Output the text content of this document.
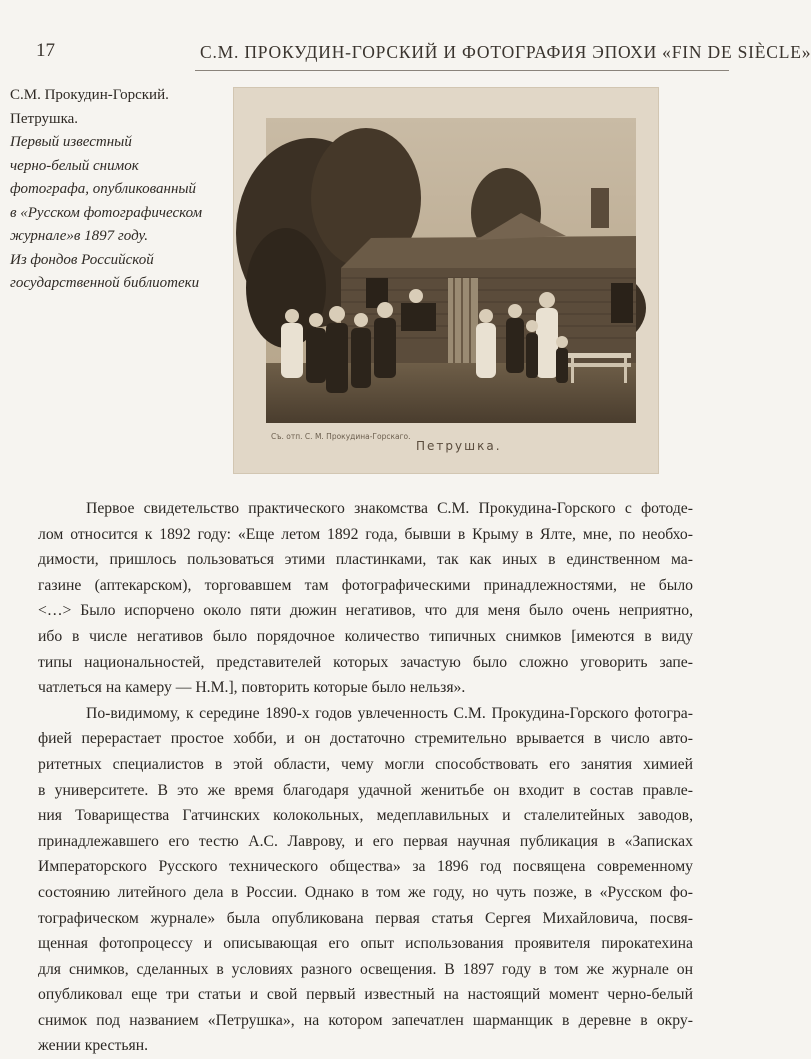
17	С.М. ПРОКУДИН-ГОРСКИЙ И ФОТОГРАФИЯ ЭПОХИ «FIN DE SIÈCLE»
С.М. Прокудин-Горский.
Петрушка.
Первый известный
черно-белый снимок
фотографа, опубликованный
в «Русском фотографическом
журнале»в 1897 году.
Из фондов Российской
государственной библиотеки
Съ. отп. С. М. Прокудина-Горскаго.
Петрушка.
Первое свидетельство практического знакомства С.М. Прокудина-Горского с фотоде-
лом относится к 1892 году: «Еще летом 1892 года, бывши в Крыму в Ялте, мне, по необхо-
димости, пришлось пользоваться этими пластинками, так как иных в единственном ма-
газине (аптекарском), торговавшем там фотографическими принадлежностями, не было
<…> Было испорчено около пяти дюжин негативов, что для меня было очень неприятно,
ибо в числе негативов было порядочное количество типичных снимков [имеются в виду
типы национальностей, представителей которых зачастую было сложно уговорить запе-
чатлеться на камеру — Н.М.], повторить которые было нельзя».
По-видимому, к середине 1890-х годов увлеченность С.М. Прокудина-Горского фотогра-
фией перерастает простое хобби, и он достаточно стремительно врывается в число авто-
ритетных специалистов в этой области, чему могли способствовать его занятия химией
в университете. В это же время благодаря удачной женитьбе он входит в состав правле-
ния Товарищества Гатчинских колокольных, медеплавильных и сталелитейных заводов,
принадлежавшего его тестю А.С. Лаврову, и его первая научная публикация в «Записках
Императорского Русского технического общества» за 1896 год посвящена современному
состоянию литейного дела в России. Однако в том же году, но чуть позже, в «Русском фо-
тографическом журнале» была опубликована первая статья Сергея Михайловича, посвя-
щенная фотопроцессу и описывающая его опыт использования проявителя пирокатехина
для снимков, сделанных в условиях разного освещения. В 1897 году в том же журнале он
опубликовал еще три статьи и свой первый известный на настоящий момент черно-белый
снимок под названием «Петрушка», на котором запечатлен шарманщик в деревне в окру-
жении крестьян.
